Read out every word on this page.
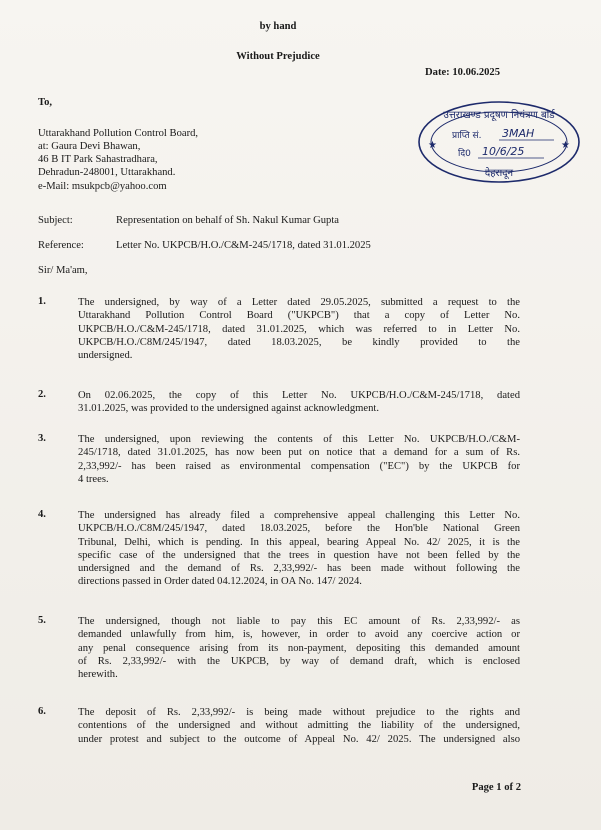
by hand
Without Prejudice
Date: 10.06.2025
To,
Uttarakhand Pollution Control Board,
at: Gaura Devi Bhawan,
46 B IT Park Sahastradhara,
Dehradun-248001, Uttarakhand.
e-Mail: msukpcb@yahoo.com
उत्तराखण्ड प्रदूषण नियंत्रण बोर्ड
प्राप्ति सं. 3MAH
दि0 10/6/25
★	★
देहरादून
Subject:	Representation on behalf of Sh. Nakul Kumar Gupta
Reference:	Letter No. UKPCB/H.O./C&M-245/1718, dated 31.01.2025
Sir/ Ma'am,
1.	The undersigned, by way of a Letter dated 29.05.2025, submitted a request to the
Uttarakhand Pollution Control Board ("UKPCB") that a copy of Letter No.
UKPCB/H.O./C&M-245/1718, dated 31.01.2025, which was referred to in Letter No.
UKPCB/H.O./C8M/245/1947, dated 18.03.2025, be kindly provided to the
undersigned.
2.	On 02.06.2025, the copy of this Letter No. UKPCB/H.O./C&M-245/1718, dated
31.01.2025, was provided to the undersigned against acknowledgment.
3.	The undersigned, upon reviewing the contents of this Letter No. UKPCB/H.O./C&M-
245/1718, dated 31.01.2025, has now been put on notice that a demand for a sum of Rs.
2,33,992/- has been raised as environmental compensation ("EC") by the UKPCB for
4 trees.
4.	The undersigned has already filed a comprehensive appeal challenging this Letter No.
UKPCB/H.O./C8M/245/1947, dated 18.03.2025, before the Hon'ble National Green
Tribunal, Delhi, which is pending. In this appeal, bearing Appeal No. 42/ 2025, it is the
specific case of the undersigned that the trees in question have not been felled by the
undersigned and the demand of Rs. 2,33,992/- has been made without following the
directions passed in Order dated 04.12.2024, in OA No. 147/ 2024.
5.	The undersigned, though not liable to pay this EC amount of Rs. 2,33,992/- as
demanded unlawfully from him, is, however, in order to avoid any coercive action or
any penal consequence arising from its non-payment, depositing this demanded amount
of Rs. 2,33,992/- with the UKPCB, by way of demand draft, which is enclosed
herewith.
6.	The deposit of Rs. 2,33,992/- is being made without prejudice to the rights and
contentions of the undersigned and without admitting the liability of the undersigned,
under protest and subject to the outcome of Appeal No. 42/ 2025. The undersigned also
Page 1 of 2
